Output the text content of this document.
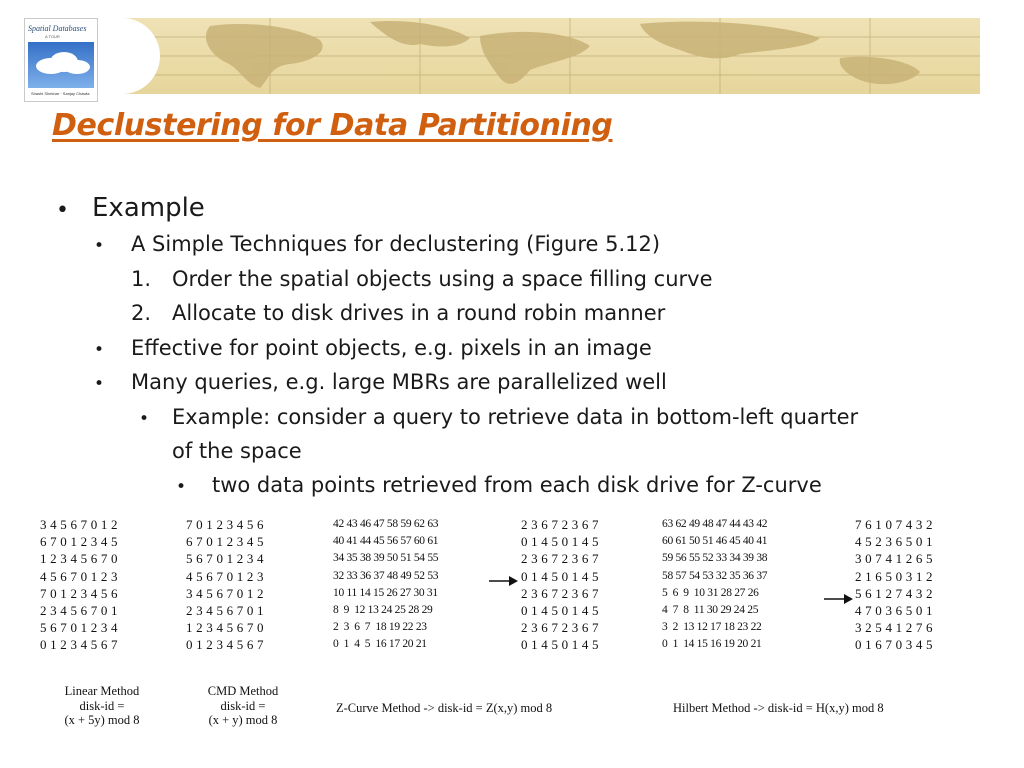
Spatial Databases
A TOUR
Shashi Shekhar · Sanjay Chawla
Declustering for Data Partitioning
• Example
• A Simple Techniques for declustering (Figure 5.12)
1. Order the spatial objects using a space filling curve
2. Allocate to disk drives in a round robin manner
• Effective for point objects, e.g. pixels in an image
• Many queries, e.g. large MBRs are parallelized well
• Example: consider a query to retrieve data in bottom-left quarter
of the space
• two data points retrieved from each disk drive for Z-curve
3 4 5 6 7 0 1 2
6 7 0 1 2 3 4 5
1 2 3 4 5 6 7 0
4 5 6 7 0 1 2 3
7 0 1 2 3 4 5 6
2 3 4 5 6 7 0 1
5 6 7 0 1 2 3 4
0 1 2 3 4 5 6 7
7 0 1 2 3 4 5 6
6 7 0 1 2 3 4 5
5 6 7 0 1 2 3 4
4 5 6 7 0 1 2 3
3 4 5 6 7 0 1 2
2 3 4 5 6 7 0 1
1 2 3 4 5 6 7 0
0 1 2 3 4 5 6 7
42 43 46 47 58 59 62 63
40 41 44 45 56 57 60 61
34 35 38 39 50 51 54 55
32 33 36 37 48 49 52 53
10 11 14 15 26 27 30 31
8  9  12 13 24 25 28 29
2  3  6  7  18 19 22 23
0  1  4  5  16 17 20 21
2 3 6 7 2 3 6 7
0 1 4 5 0 1 4 5
2 3 6 7 2 3 6 7
0 1 4 5 0 1 4 5
2 3 6 7 2 3 6 7
0 1 4 5 0 1 4 5
2 3 6 7 2 3 6 7
0 1 4 5 0 1 4 5
63 62 49 48 47 44 43 42
60 61 50 51 46 45 40 41
59 56 55 52 33 34 39 38
58 57 54 53 32 35 36 37
5  6  9  10 31 28 27 26
4  7  8  11 30 29 24 25
3  2  13 12 17 18 23 22
0  1  14 15 16 19 20 21
7 6 1 0 7 4 3 2
4 5 2 3 6 5 0 1
3 0 7 4 1 2 6 5
2 1 6 5 0 3 1 2
5 6 1 2 7 4 3 2
4 7 0 3 6 5 0 1
3 2 5 4 1 2 7 6
0 1 6 7 0 3 4 5
Linear Method
disk-id =
(x + 5y) mod 8
CMD Method
disk-id =
(x + y) mod 8
Z-Curve Method -> disk-id = Z(x,y) mod 8	Hilbert Method -> disk-id = H(x,y) mod 8
